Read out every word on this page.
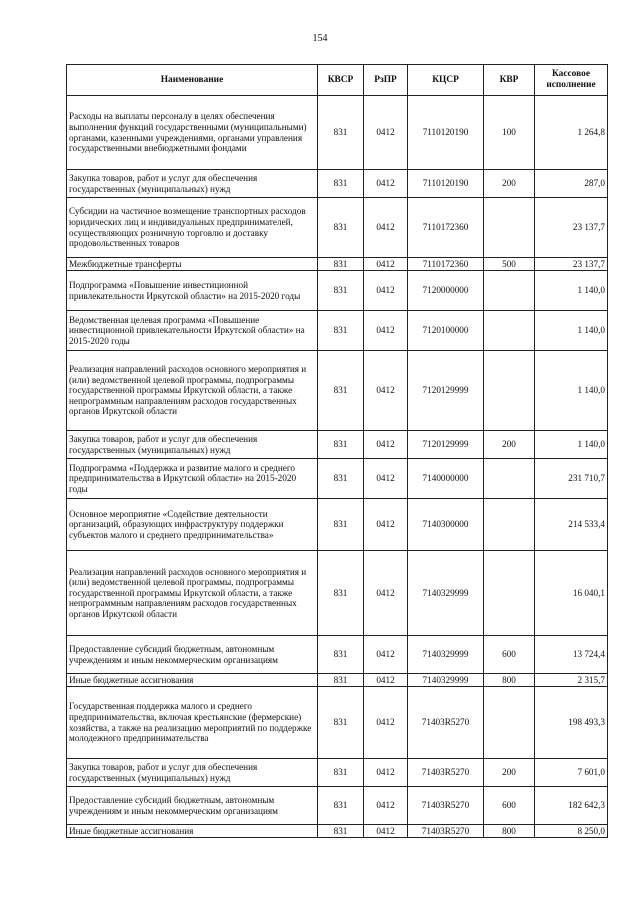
154
Наименование	КВСР	РзПР	КЦСР	КВР	Кассовое исполнение
Расходы на выплаты персоналу в целях обеспечения выполнения функций государственными (муниципальными) органами, казенными учреждениями, органами управления государственными внебюджетными фондами	831	0412	7110120190	100	1 264,8
Закупка товаров, работ и услуг для обеспечения государственных (муниципальных) нужд	831	0412	7110120190	200	287,0
Субсидии на частичное возмещение транспортных расходов юридических лиц и индивидуальных предпринимателей, осуществляющих розничную торговлю и доставку продовольственных товаров	831	0412	7110172360		23 137,7
Межбюджетные трансферты	831	0412	7110172360	500	23 137,7
Подпрограмма «Повышение инвестиционной привлекательности Иркутской области» на 2015-2020 годы	831	0412	7120000000		1 140,0
Ведомственная целевая программа «Повышение инвестиционной привлекательности Иркутской области» на 2015-2020 годы	831	0412	7120100000		1 140,0
Реализация направлений расходов основного мероприятия и (или) ведомственной целевой программы, подпрограммы государственной программы Иркутской области, а также непрограммным направлениям расходов государственных органов Иркутской области	831	0412	7120129999		1 140,0
Закупка товаров, работ и услуг для обеспечения государственных (муниципальных) нужд	831	0412	7120129999	200	1 140,0
Подпрограмма «Поддержка и развитие малого и среднего предпринимательства в Иркутской области» на 2015-2020 годы	831	0412	7140000000		231 710,7
Основное мероприятие «Содействие деятельности организаций, образующих инфраструктуру поддержки субъектов малого и среднего предпринимательства»	831	0412	7140300000		214 533,4
Реализация направлений расходов основного мероприятия и (или) ведомственной целевой программы, подпрограммы государственной программы Иркутской области, а также непрограммным направлениям расходов государственных органов Иркутской области	831	0412	7140329999		16 040,1
Предоставление субсидий бюджетным, автономным учреждениям и иным некоммерческим организациям	831	0412	7140329999	600	13 724,4
Иные бюджетные ассигнования	831	0412	7140329999	800	2 315,7
Государственная поддержка малого и среднего предпринимательства, включая крестьянские (фермерские) хозяйства, а также на реализацию мероприятий по поддержке молодежного предпринимательства	831	0412	71403R5270		198 493,3
Закупка товаров, работ и услуг для обеспечения государственных (муниципальных) нужд	831	0412	71403R5270	200	7 601,0
Предоставление субсидий бюджетным, автономным учреждениям и иным некоммерческим организациям	831	0412	71403R5270	600	182 642,3
Иные бюджетные ассигнования	831	0412	71403R5270	800	8 250,0
